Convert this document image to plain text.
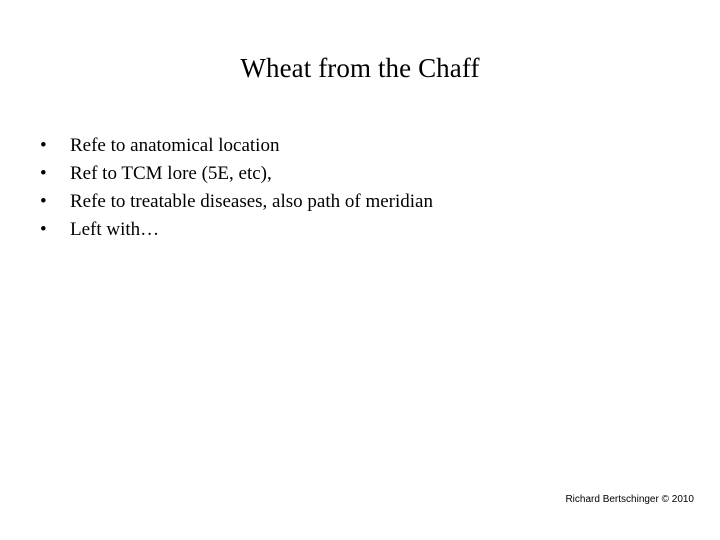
Wheat from the Chaff
•	Refe to anatomical location
•	Ref to TCM lore (5E, etc),
•	Refe to treatable diseases, also path of meridian
•	Left with…
Richard Bertschinger © 2010
